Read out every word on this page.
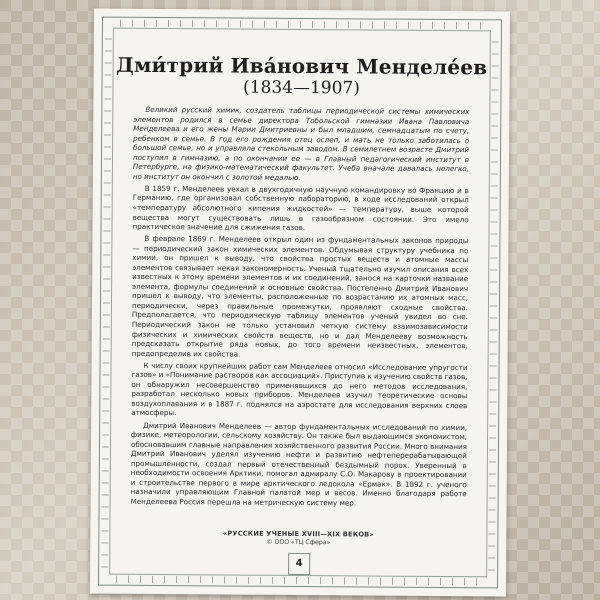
Дми́трий Ива́нович Менделе́ев
(1834—1907)

Великий русский химик, создатель таблицы периодической системы химических элементов родился в семье директора Тобольской гимназии Ивана Павловича Менделеева и его жены Марии Дмитриевны и был младшим, семнадцатым по счету, ребенком в семье. В год его рождения отец ослеп, и мать не только заботилась о большой семье, но и управляла стекольным заводом. В семилетнем возрасте Дмитрий поступил в гимназию, а по окончании ее — в Главный педагогический институт в Петербурге, на физико-математический факультет. Учеба вначале давалась нелегко, но институт он окончил с золотой медалью.

В 1859 г. Менделеев уехал в двухгодичную научную командировку во Францию и в Германию, где организовал собственную лабораторию, в ходе исследований открыл «температуру абсолютного кипения жидкостей» — температуру, выше которой вещества могут существовать лишь в газообразном состоянии. Это имело практическое значение для сжижения газов.

В феврале 1869 г. Менделеев открыл один из фундаментальных законов природы — периодический закон химических элементов. Обдумывая структуру учебника по химии, он пришел к выводу, что свойства простых веществ и атомные массы элементов связывает некая закономерность. Ученый тщательно изучил описания всех известных к этому времени элементов и их соединений, занося на карточки название элемента, формулы соединений и основные свойства. Постепенно Дмитрий Иванович пришел к выводу, что элементы, расположенные по возрастанию их атомных масс, периодически, через правильные промежутки, проявляют сходные свойства. Предполагается, что периодическую таблицу элементов ученый увидел во сне. Периодический закон не только установил четкую систему взаимозависимости физических и химических свойств веществ, но и дал Менделееву возможность предсказать открытие ряда новых, до того времени неизвестных, элементов, предопределив их свойства.

К числу своих крупнейших работ сам Менделеев относил «Исследование упругости газов» и «Понимание растворов как ассоциаций». Приступив к изучению свойств газов, он обнаружил несовершенство применявшихся до него методов исследования, разработал несколько новых приборов. Менделеев изучил теоретические основы воздухоплавания и в 1887 г. поднялся на аэростате для исследования верхних слоев атмосферы.

Дмитрий Иванович Менделеев — автор фундаментальных исследований по химии, физике, метеорологии, сельскому хозяйству. Он также был выдающимся экономистом, обосновавшим главные направления хозяйственного развития России. Много внимания Дмитрий Иванович уделял изучению нефти и развитию нефтеперерабатывающей промышленности, создал первый отечественный бездымный порох. Уверенный в необходимости освоения Арктики, помогал адмиралу С.О. Макарову в проектировании и строительстве первого в мире арктического ледокола «Ермак». В 1892 г. ученого назначили управляющим Главной палатой мер и весов. Именно благодаря работе Менделеева Россия перешла на метрическую систему мер.

«РУССКИЕ УЧЕНЫЕ XVIII—XIX ВЕКОВ»
© ООО «ТЦ Сфера»
4
